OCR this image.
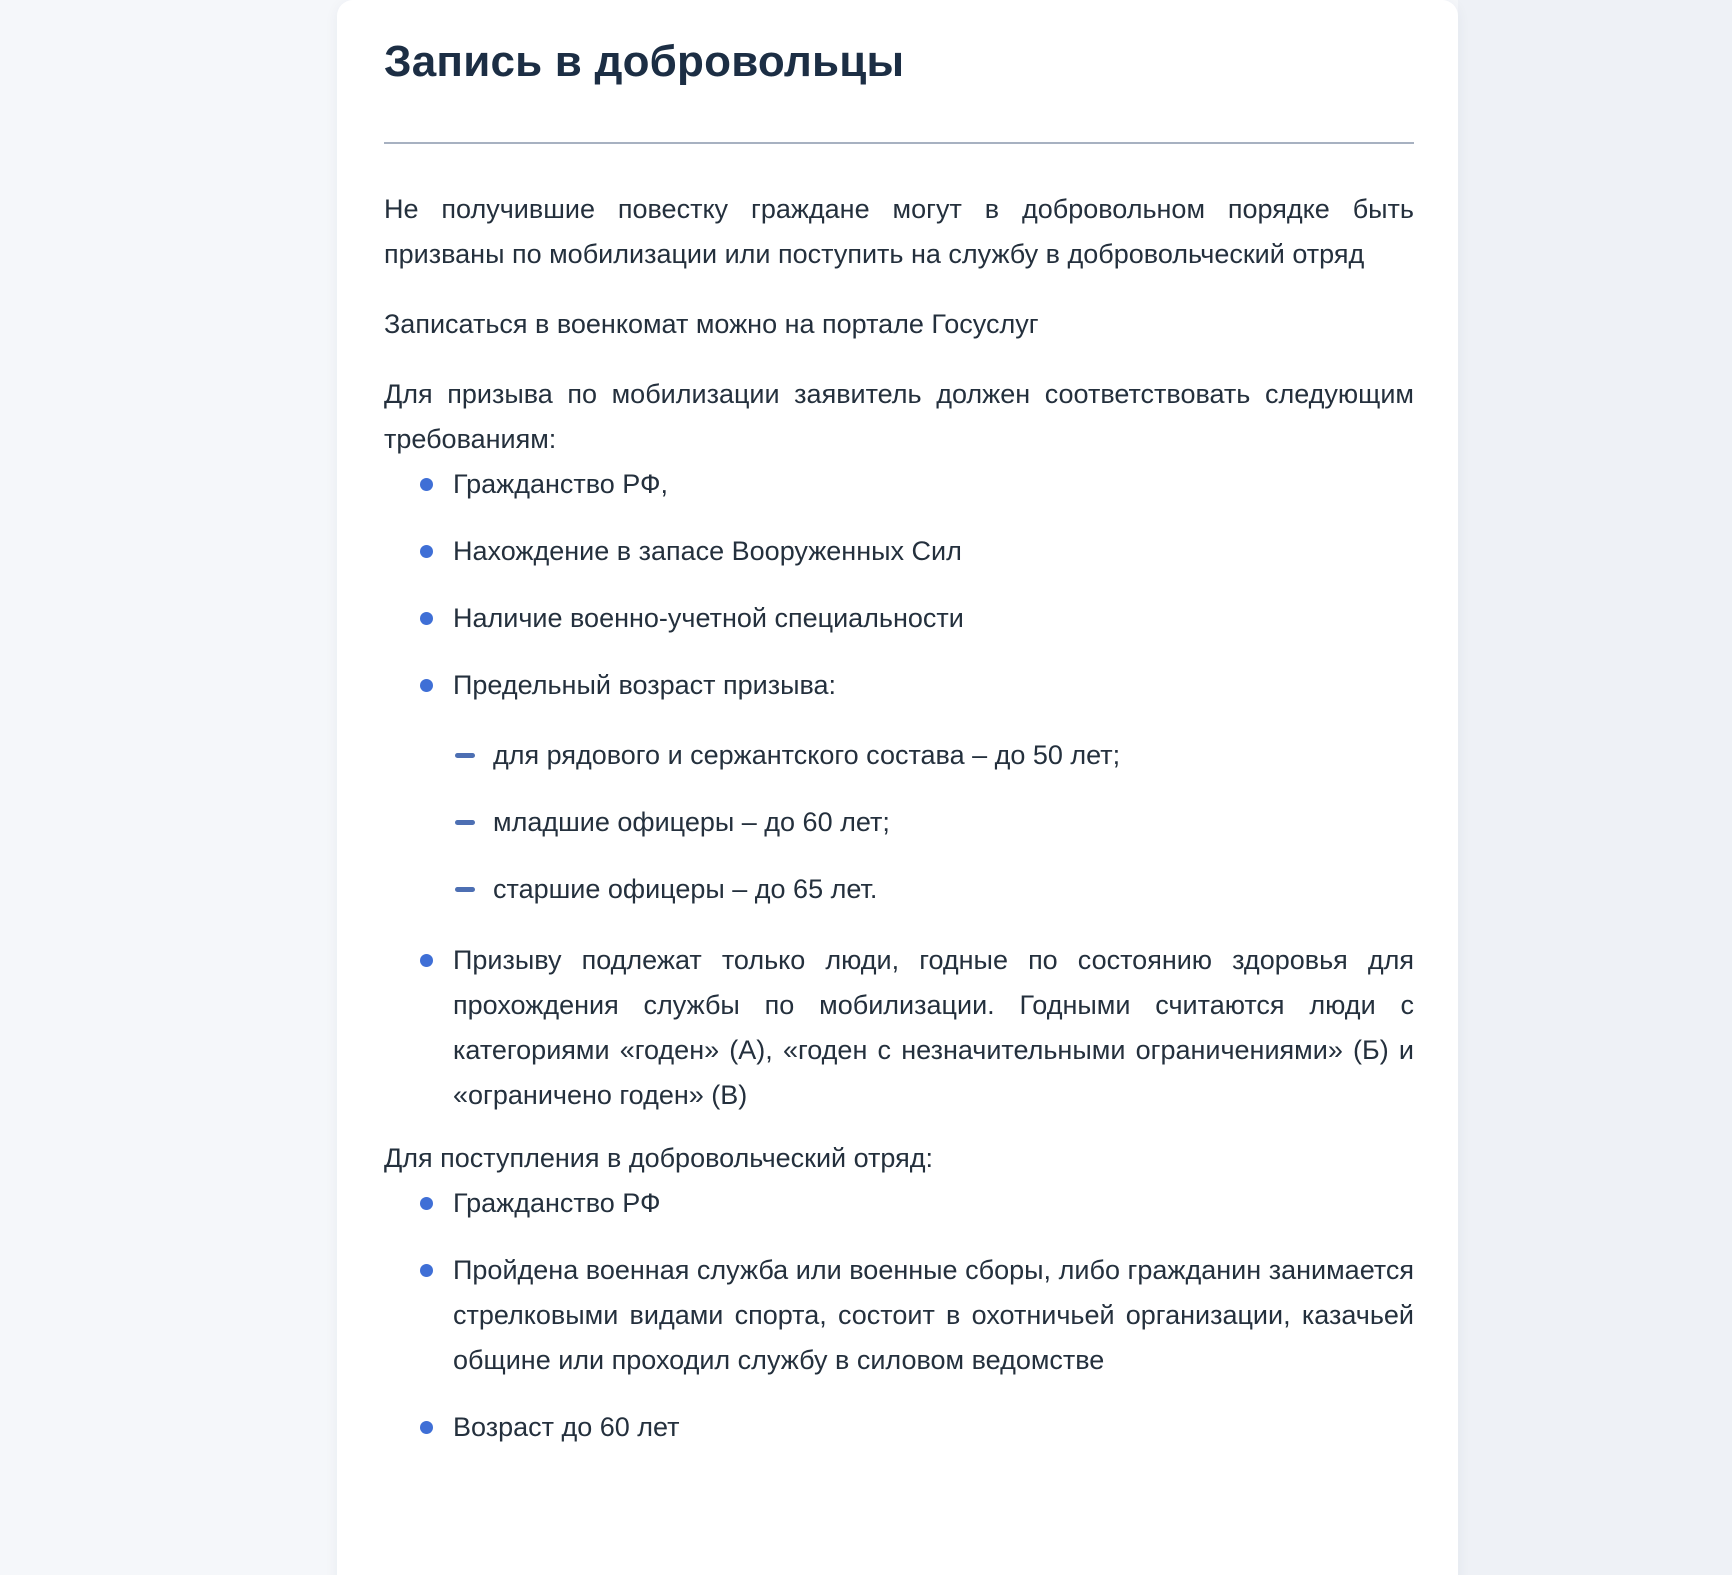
Запись в добровольцы

Не получившие повестку граждане могут в добровольном порядке быть призваны по мобилизации или поступить на службу в добровольческий отряд

Записаться в военкомат можно на портале Госуслуг

Для призыва по мобилизации заявитель должен соответствовать следующим требованиям:

Гражданство РФ,
Нахождение в запасе Вооруженных Сил
Наличие военно-учетной специальности
Предельный возраст призыва:
для рядового и сержантского состава – до 50 лет;
младшие офицеры – до 60 лет;
старшие офицеры – до 65 лет.
Призыву подлежат только люди, годные по состоянию здоровья для прохождения службы по мобилизации. Годными считаются люди с категориями «годен» (А), «годен с незначительными ограничениями» (Б) и «ограничено годен» (В)

Для поступления в добровольческий отряд:

Гражданство РФ
Пройдена военная служба или военные сборы, либо гражданин занимается стрелковыми видами спорта, состоит в охотничьей организации, казачьей общине или проходил службу в силовом ведомстве
Возраст до 60 лет
